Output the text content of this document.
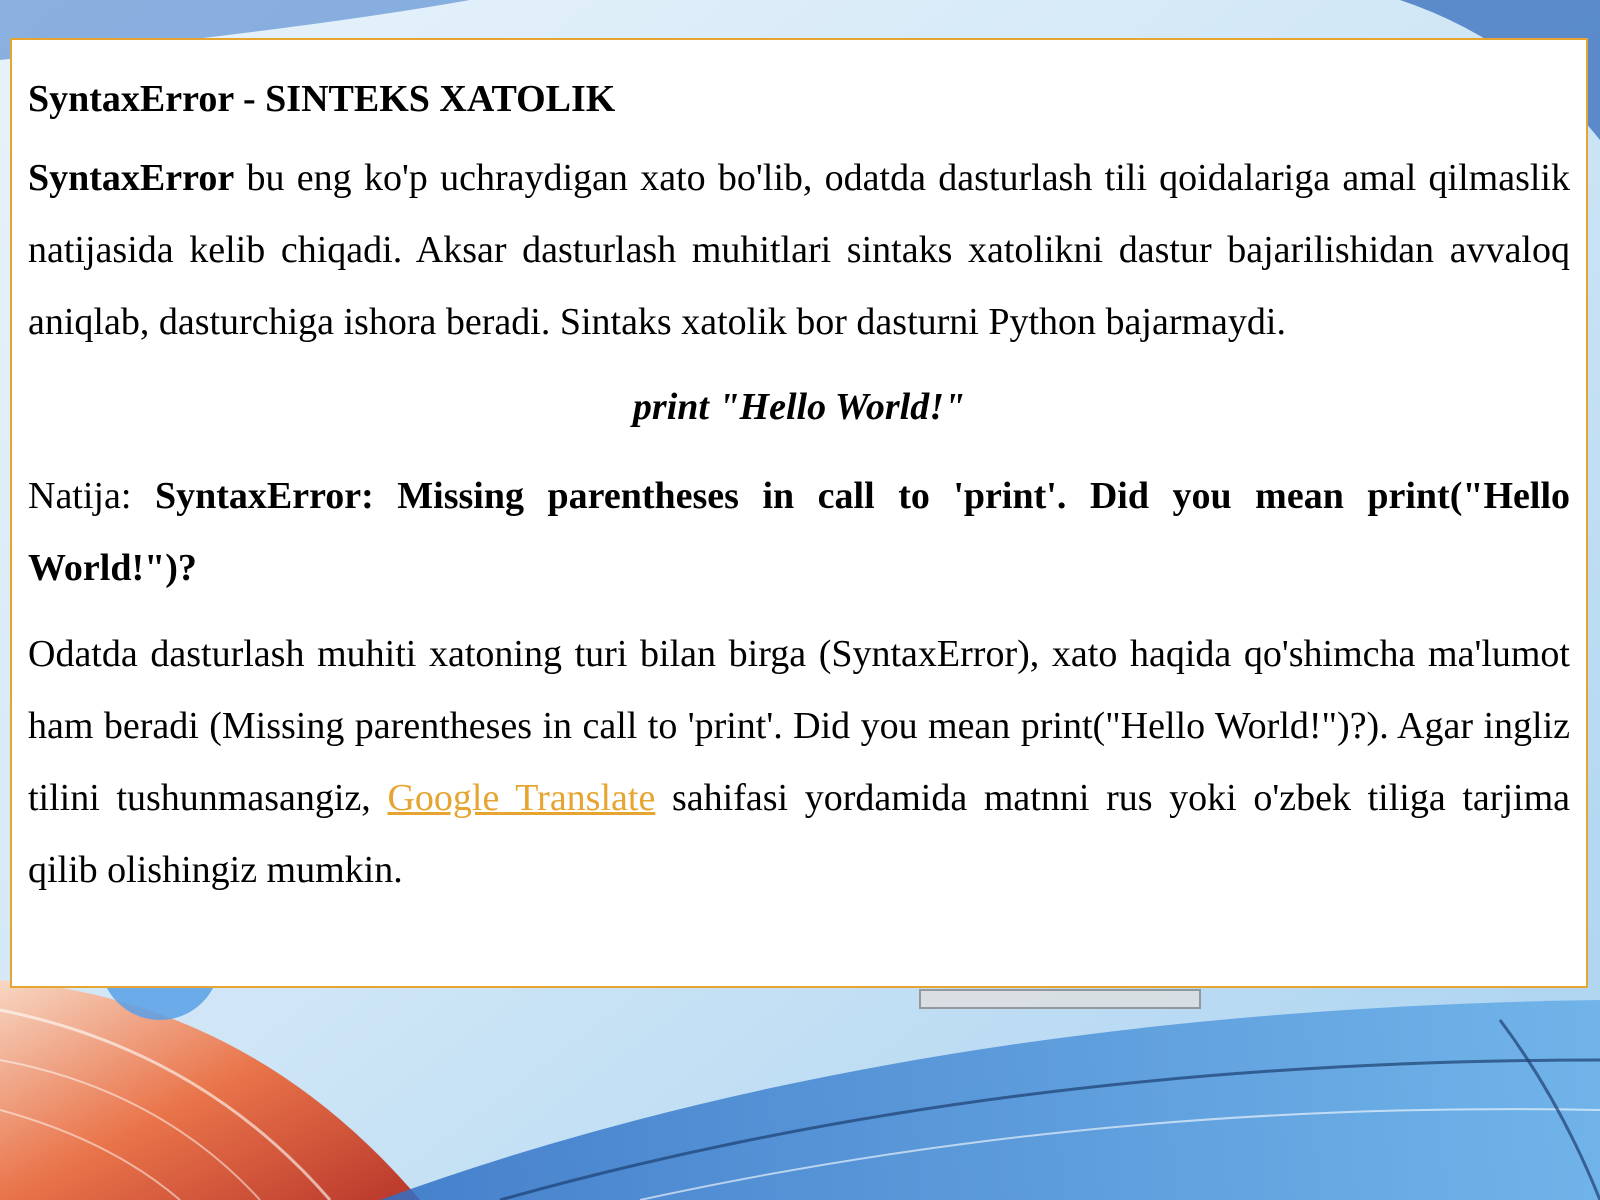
SyntaxError - SINTEKS XATOLIK

SyntaxError bu eng ko'p uchraydigan xato bo'lib, odatda dasturlash tili qoidalariga amal qilmaslik natijasida kelib chiqadi. Aksar dasturlash muhitlari sintaks xatolikni dastur bajarilishidan avvaloq aniqlab, dasturchiga ishora beradi. Sintaks xatolik bor dasturni Python bajarmaydi.

print "Hello World!"

Natija: SyntaxError: Missing parentheses in call to 'print'. Did you mean print("Hello World!")?

Odatda dasturlash muhiti xatoning turi bilan birga (SyntaxError), xato haqida qo'shimcha ma'lumot ham beradi (Missing parentheses in call to 'print'. Did you mean print("Hello World!")?). Agar ingliz tilini tushunmasangiz, Google Translate sahifasi yordamida matnni rus yoki o'zbek tiliga tarjima qilib olishingiz mumkin.
